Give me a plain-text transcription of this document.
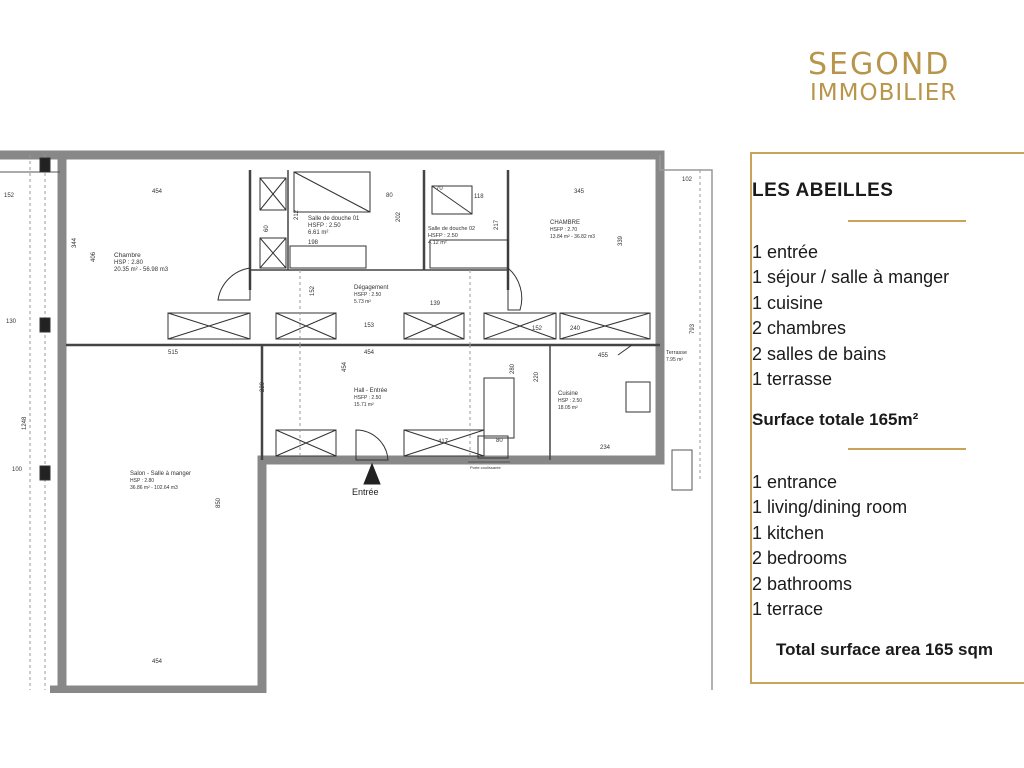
SEGOND
IMMOBILIER
LES ABEILLES
1 entrée
1 séjour / salle à manger
1 cuisine
2 chambres
2 salles de bains
1 terrasse
Surface totale 165m²
1 entrance
1 living/dining room
1 kitchen
2 bedrooms
2 bathrooms
1 terrace
Total surface area 165 sqm
Chambre
HSP : 2.80
20.35 m² - 56.98 m3
Salle de douche 01
HSFP : 2.50
6.61 m²
Salle de douche 02
HSFP : 2.50
4.12 m²
CHAMBRE
HSFP : 2.70
13.84 m² - 36.82 m3
Dégagement
HSFP : 2.50
5.73 m²
Hall - Entrée
HSFP : 2.50
15.71 m²
Cuisine
HSP : 2.50
18.05 m²
Terrasse
7.95 m²
Salon - Salle à manger
HSP : 2.80
36.86 m² - 102.64 m3	Entrée
Porte coulissante
454	345
102
152
130
100
515	454	455
153
139
152	240
454
234
80
80
70
118
198
417
1248
850
793
406
344	339
220
220
454
212	202
217
60
152
280
